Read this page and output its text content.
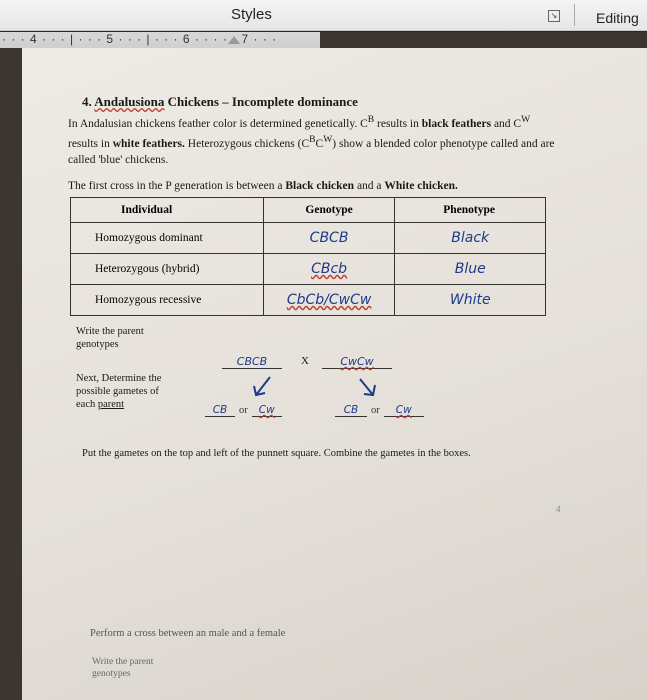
Styles	↘	Editing
· · · 4 · · · | · · · 5 · · · | · · · 6 · · · · · 7 · · ·
4. Andalusiona Chickens – Incomplete dominance
In Andalusian chickens feather color is determined genetically. $C^B$ results in black feathers and $C^W$ results in white feathers. Heterozygous chickens $(C^BC^W)$ show a blended color phenotype called and are called 'blue' chickens.
The first cross in the P generation is between a Black chicken and a White chicken.
Individual	Genotype	Phenotype
Homozygous dominant	CBCB	Black
Heterozygous (hybrid)	CBcb	Blue
Homozygous recessive	CbCb/CwCw	White
Write the parent
genotypes
CBCB	X	CwCw
Next, Determine the
possible gametes of
each parent	CB or Cw	CB or Cw
Put the gametes on the top and left of the punnett square. Combine the gametes in the boxes.
4
Perform a cross between an male and a female
Write the parent
genotypes
